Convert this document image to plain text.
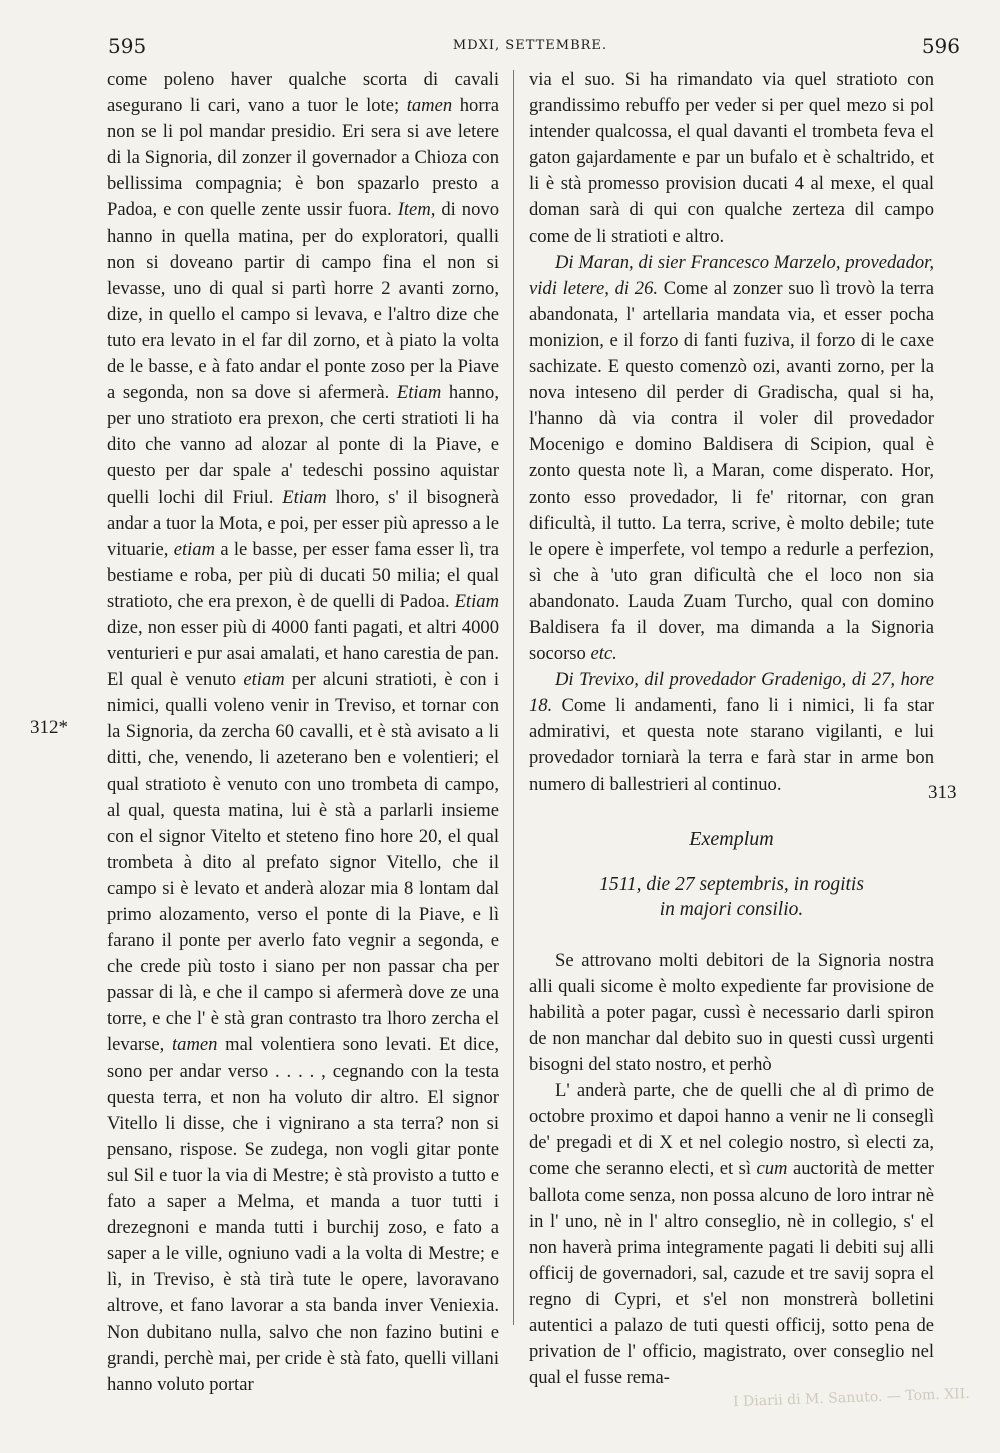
595	MDXI, SETTEMBRE.	596
312*
313

come poleno haver qualche scorta di cavali asegurano li cari, vano a tuor le lote; tamen horra non se li pol mandar presidio. Eri sera si ave letere di la Signoria, dil zonzer il governador a Chioza con bellissima compagnia; è bon spazarlo presto a Padoa, e con quelle zente ussir fuora. Item, di novo hanno in quella matina, per do exploratori, qualli non si doveano partir di campo fina el non si levasse, uno di qual si partì horre 2 avanti zorno, dize, in quello el campo si levava, e l'altro dize che tuto era levato in el far dil zorno, et à piato la volta de le basse, e à fato andar el ponte zoso per la Piave a segonda, non sa dove si afermerà. Etiam hanno, per uno stratioto era prexon, che certi stratioti li ha dito che vanno ad alozar al ponte di la Piave, e questo per dar spale a' tedeschi possino aquistar quelli lochi dil Friul. Etiam lhoro, s' il bisognerà andar a tuor la Mota, e poi, per esser più apresso a le vituarie, etiam a le basse, per esser fama esser lì, tra bestiame e roba, per più di ducati 50 milia; el qual stratioto, che era prexon, è de quelli di Padoa. Etiam dize, non esser più di 4000 fanti pagati, et altri 4000 venturieri e pur asai amalati, et hano carestia de pan. El qual è venuto etiam per alcuni stratioti, è con i nimici, qualli voleno venir in Treviso, et tornar con la Signoria, da zercha 60 cavalli, et è stà avisato a li ditti, che, venendo, li azeterano ben e volentieri; el qual stratioto è venuto con uno trombeta di campo, al qual, questa matina, lui è stà a parlarli insieme con el signor Vitelto et steteno fino hore 20, el qual trombeta à dito al prefato signor Vitello, che il campo si è levato et anderà alozar mia 8 lontam dal primo alozamento, verso el ponte di la Piave, e lì farano il ponte per averlo fato vegnir a segonda, e che crede più tosto i siano per non passar cha per passar di là, e che il campo si afermerà dove ze una torre, e che l' è stà gran contrasto tra lhoro zercha el levarse, tamen mal volentiera sono levati. Et dice, sono per andar verso . . . . , cegnando con la testa questa terra, et non ha voluto dir altro. El signor Vitello li disse, che i vignirano a sta terra? non si pensano, rispose. Se zudega, non vogli gitar ponte sul Sil e tuor la via di Mestre; è stà provisto a tutto e fato a saper a Melma, et manda a tuor tutti i drezegnoni e manda tutti i burchij zoso, e fato a saper a le ville, ogniuno vadi a la volta di Mestre; e lì, in Treviso, è stà tirà tute le opere, lavoravano altrove, et fano lavorar a sta banda inver Veniexia. Non dubitano nulla, salvo che non fazino butini e grandi, perchè mai, per cride è stà fato, quelli villani hanno voluto portar

via el suo. Si ha rimandato via quel stratioto con grandissimo rebuffo per veder si per quel mezo si pol intender qualcossa, el qual davanti el trombeta feva el gaton gajardamente e par un bufalo et è schaltrido, et li è stà promesso provision ducati 4 al mexe, el qual doman sarà di qui con qualche zerteza dil campo come de li stratioti e altro.

Di Maran, di sier Francesco Marzelo, provedador, vidi letere, di 26. Come al zonzer suo lì trovò la terra abandonata, l' artellaria mandata via, et esser pocha monizion, e il forzo di fanti fuziva, il forzo di le caxe sachizate. E questo comenzò ozi, avanti zorno, per la nova inteseno dil perder di Gradischa, qual si ha, l'hanno dà via contra il voler dil provedador Mocenigo e domino Baldisera di Scipion, qual è zonto questa note lì, a Maran, come disperato. Hor, zonto esso provedador, li fe' ritornar, con gran dificultà, il tutto. La terra, scrive, è molto debile; tute le opere è imperfete, vol tempo a redurle a perfezion, sì che à 'uto gran dificultà che el loco non sia abandonato. Lauda Zuam Turcho, qual con domino Baldisera fa il dover, ma dimanda a la Signoria socorso etc.

Di Trevixo, dil provedador Gradenigo, di 27, hore 18. Come li andamenti, fano li i nimici, li fa star admirativi, et questa note starano vigilanti, e lui provedador torniarà la terra e farà star in arme bon numero di ballestrieri al continuo.

Exemplum
1511, die 27 septembris, in rogitis
in majori consilio.

Se attrovano molti debitori de la Signoria nostra alli quali sicome è molto expediente far provisione de habilità a poter pagar, cussì è necessario darli spiron de non manchar dal debito suo in questi cussì urgenti bisogni del stato nostro, et perhò

L' anderà parte, che de quelli che al dì primo de octobre proximo et dapoi hanno a venir ne li conseglì de' pregadi et di X et nel colegio nostro, sì electi za, come che seranno electi, et sì cum auctorità de metter ballota come senza, non possa alcuno de loro intrar nè in l' uno, nè in l' altro conseglio, nè in collegio, s' el non haverà prima integramente pagati li debiti suj alli officij de governadori, sal, cazude et tre savij sopra el regno di Cypri, et s'el non monstrerà bolletini autentici a palazo de tuti questi officij, sotto pena de privation de l' officio, magistrato, over conseglio nel qual el fusse rema-

I Diarii di M. Sanuto. — Tom. XII.
